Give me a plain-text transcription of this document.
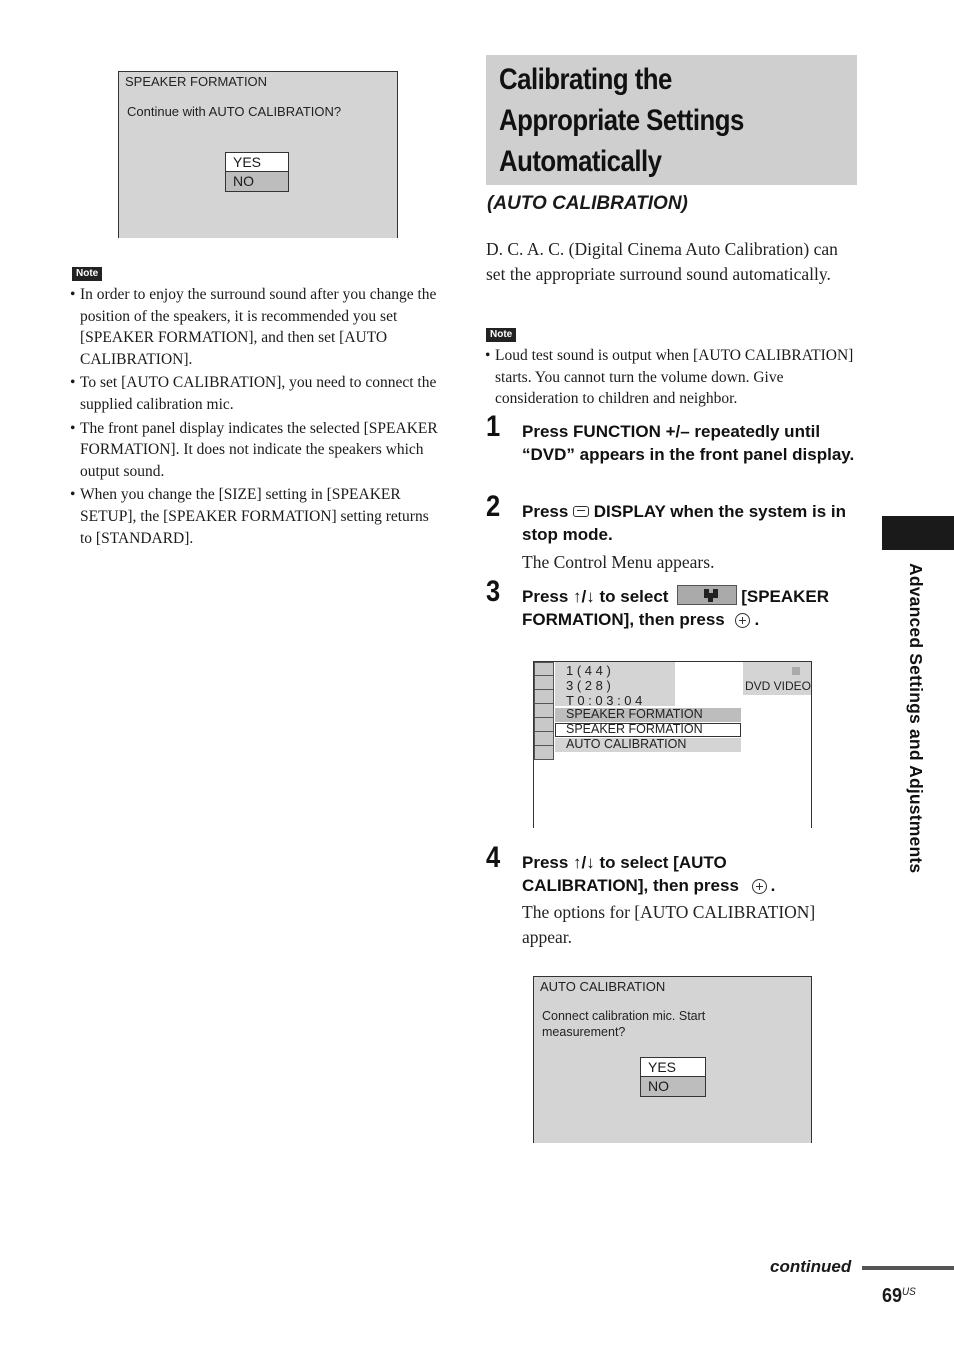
SPEAKER FORMATION
Continue with AUTO CALIBRATION?
YES
NO
Note
• In order to enjoy the surround sound after you change the position of the speakers, it is recommended you set [SPEAKER FORMATION], and then set [AUTO CALIBRATION].
• To set [AUTO CALIBRATION], you need to connect the supplied calibration mic.
• The front panel display indicates the selected [SPEAKER FORMATION]. It does not indicate the speakers which output sound.
• When you change the [SIZE] setting in [SPEAKER SETUP], the [SPEAKER FORMATION] setting returns to [STANDARD].
Calibrating the
Appropriate Settings
Automatically
(AUTO CALIBRATION)
D. C. A. C. (Digital Cinema Auto Calibration) can set the appropriate surround sound automatically.
Note
• Loud test sound is output when [AUTO CALIBRATION] starts. You cannot turn the volume down. Give consideration to children and neighbor.
1 Press FUNCTION +/– repeatedly until “DVD” appears in the front panel display.
2 Press  DISPLAY when the system is in stop mode.
The Control Menu appears.
3 Press ↑/↓ to select	[SPEAKER FORMATION], then press .
1 ( 4 4 )
3 ( 2 8 )
T 0 : 0 3 : 0 4
DVD VIDEO
SPEAKER FORMATION
SPEAKER FORMATION
AUTO CALIBRATION
4 Press ↑/↓ to select [AUTO CALIBRATION], then press .
The options for [AUTO CALIBRATION] appear.
AUTO CALIBRATION
Connect calibration mic. Start
measurement?
YES
NO
Advanced Settings and Adjustments
continued
$69^{US}$
